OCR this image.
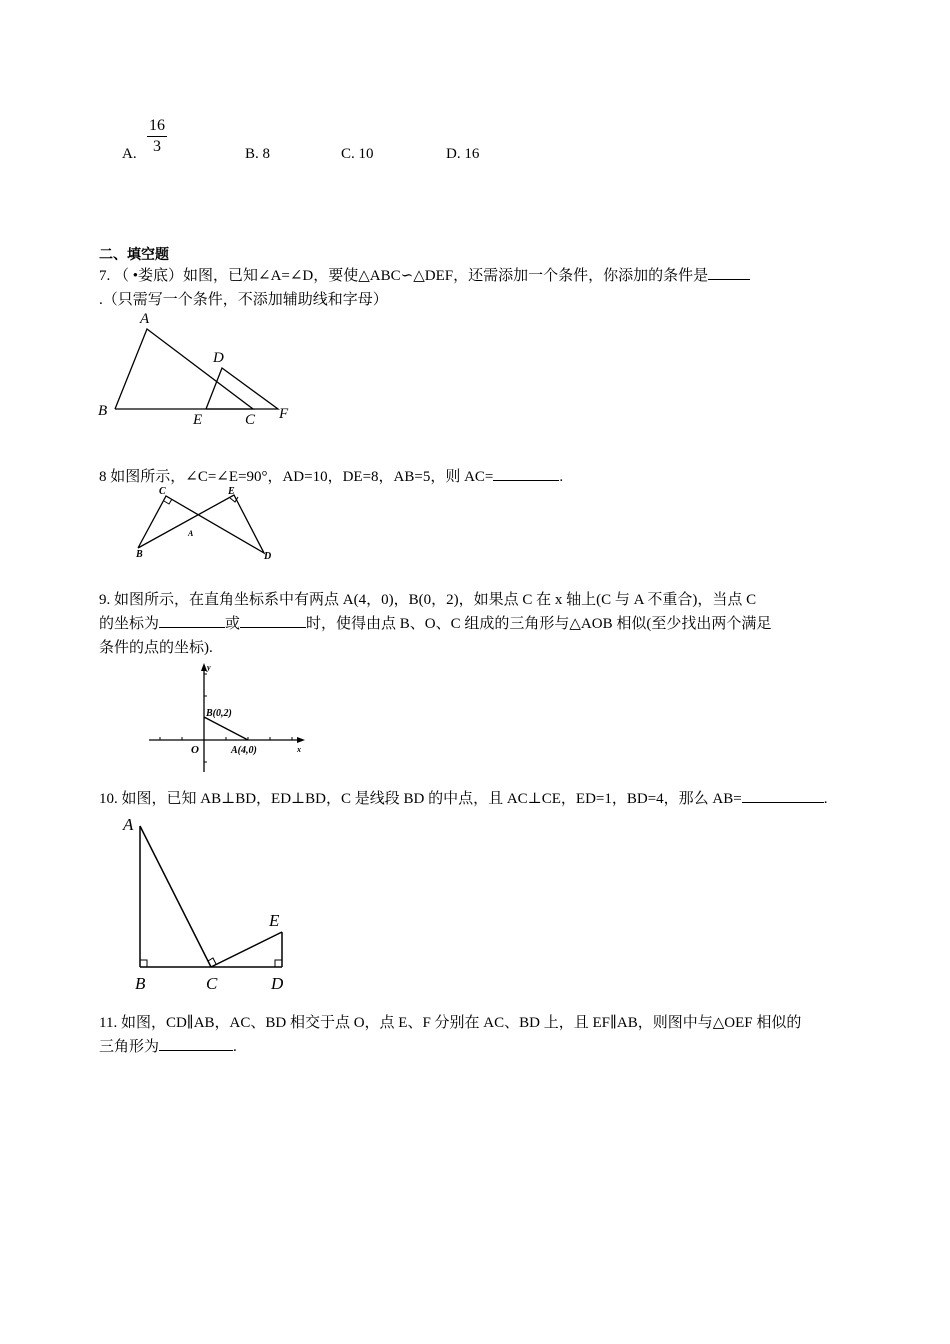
A. $\frac{16}{3}$	B. 8	C. 10	D. 16
二、填空题
7. （ •娄底）如图，已知∠A=∠D，要使△ABC∽△DEF，还需添加一个条件，你添加的条件是
.（只需写一个条件，不添加辅助线和字母）
A
B
C
D
E	F
8 如图所示，∠C=∠E=90°，AD=10，DE=8，AB=5，则 AC=	.
C	E
A
B	D
9. 如图所示，在直角坐标系中有两点 A(4，0)，B(0，2)，如果点 C 在 x 轴上(C 与 A 不重合)，当点 C
的坐标为	或	时，使得由点 B、O、C 组成的三角形与△AOB 相似(至少找出两个满足
条件的点的坐标).
y
x
O
B(0,2)
A(4,0)
10. 如图，已知 AB⊥BD，ED⊥BD，C 是线段 BD 的中点，且 AC⊥CE，ED=1，BD=4，那么 AB=	.
A
B	C	D
E
11. 如图，CD∥AB，AC、BD 相交于点 O，点 E、F 分别在 AC、BD 上，且 EF∥AB，则图中与△OEF 相似的
三角形为	.
